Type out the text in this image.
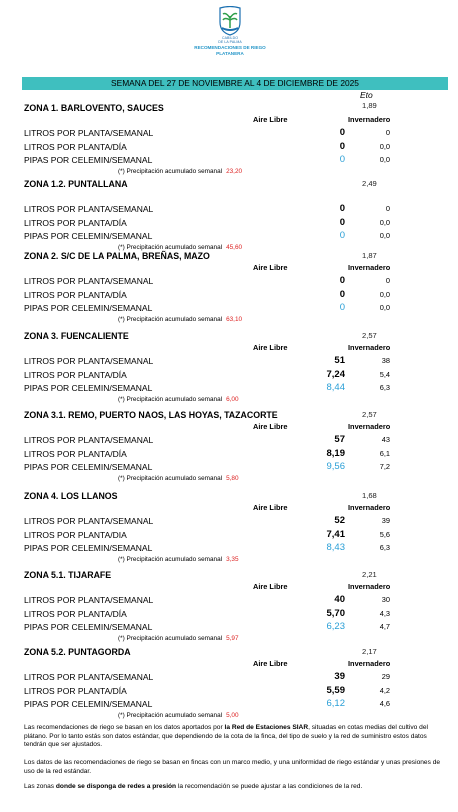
CABILDO
DE LA PALMA
RECOMENDACIONES DE RIEGO
PLATANERA
SEMANA DEL 27 DE NOVIEMBRE AL 4 DE DICIEMBRE DE 2025
Eto
ZONA 1. BARLOVENTO, SAUCES	1,89
Aire Libre	Invernadero
LITROS POR PLANTA/SEMANAL	0	0
LITROS POR PLANTA/DÍA	0	0,0
PIPAS POR CELEMIN/SEMANAL	0	0,0
(*) Precipitación acumulado semanal 23,20
ZONA 1.2. PUNTALLANA	2,49
LITROS POR PLANTA/SEMANAL	0	0
LITROS POR PLANTA/DÍA	0	0,0
PIPAS POR CELEMIN/SEMANAL	0	0,0
(*) Precipitación acumulado semanal 45,60
ZONA 2. S/C DE LA PALMA, BREÑAS, MAZO	1,87
Aire Libre	Invernadero
LITROS POR PLANTA/SEMANAL	0	0
LITROS POR PLANTA/DÍA	0	0,0
PIPAS POR CELEMIN/SEMANAL	0	0,0
(*) Precipitación acumulado semanal 63,10
ZONA 3. FUENCALIENTE	2,57
Aire Libre	Invernadero
LITROS POR PLANTA/SEMANAL	51	38
LITROS POR PLANTA/DÍA	7,24	5,4
PIPAS POR CELEMIN/SEMANAL	8,44	6,3
(*) Precipitación acumulado semanal 6,00
ZONA 3.1. REMO, PUERTO NAOS, LAS HOYAS, TAZACORTE	2,57
Aire Libre	Invernadero
LITROS POR PLANTA/SEMANAL	57	43
LITROS POR PLANTA/DÍA	8,19	6,1
PIPAS POR CELEMIN/SEMANAL	9,56	7,2
(*) Precipitación acumulado semanal 5,80
ZONA 4. LOS LLANOS	1,68
Aire Libre	Invernadero
LITROS POR PLANTA/SEMANAL	52	39
LITROS POR PLANTA/DIA	7,41	5,6
PIPAS POR CELEMIN/SEMANAL	8,43	6,3
(*) Precipitación acumulado semanal 3,35
ZONA 5.1. TIJARAFE	2,21
Aire Libre	Invernadero
LITROS POR PLANTA/SEMANAL	40	30
LITROS POR PLANTA/DÍA	5,70	4,3
PIPAS POR CELEMIN/SEMANAL	6,23	4,7
(*) Precipitación acumulado semanal 5,97
ZONA 5.2. PUNTAGORDA	2,17
Aire Libre	Invernadero
LITROS POR PLANTA/SEMANAL	39	29
LITROS POR PLANTA/DÍA	5,59	4,2
PIPAS POR CELEMIN/SEMANAL	6,12	4,6
(*) Precipitación acumulado semanal 5,00
Las recomendaciones de riego se basan en los datos aportados por la Red de Estaciones SIAR, situadas en cotas medias del cultivo del plátano. Por lo tanto estás son datos estándar, que dependiendo de la cota de la finca, del tipo de suelo y la red de suministro estos datos tendrán que ser ajustados.
Los datos de las recomendaciones de riego se basan en fincas con un marco medio, y una uniformidad de riego estándar y unas presiones de uso de la red estándar.
Las zonas donde se disponga de redes a presión la recomendación se puede ajustar a las condiciones de la red.
